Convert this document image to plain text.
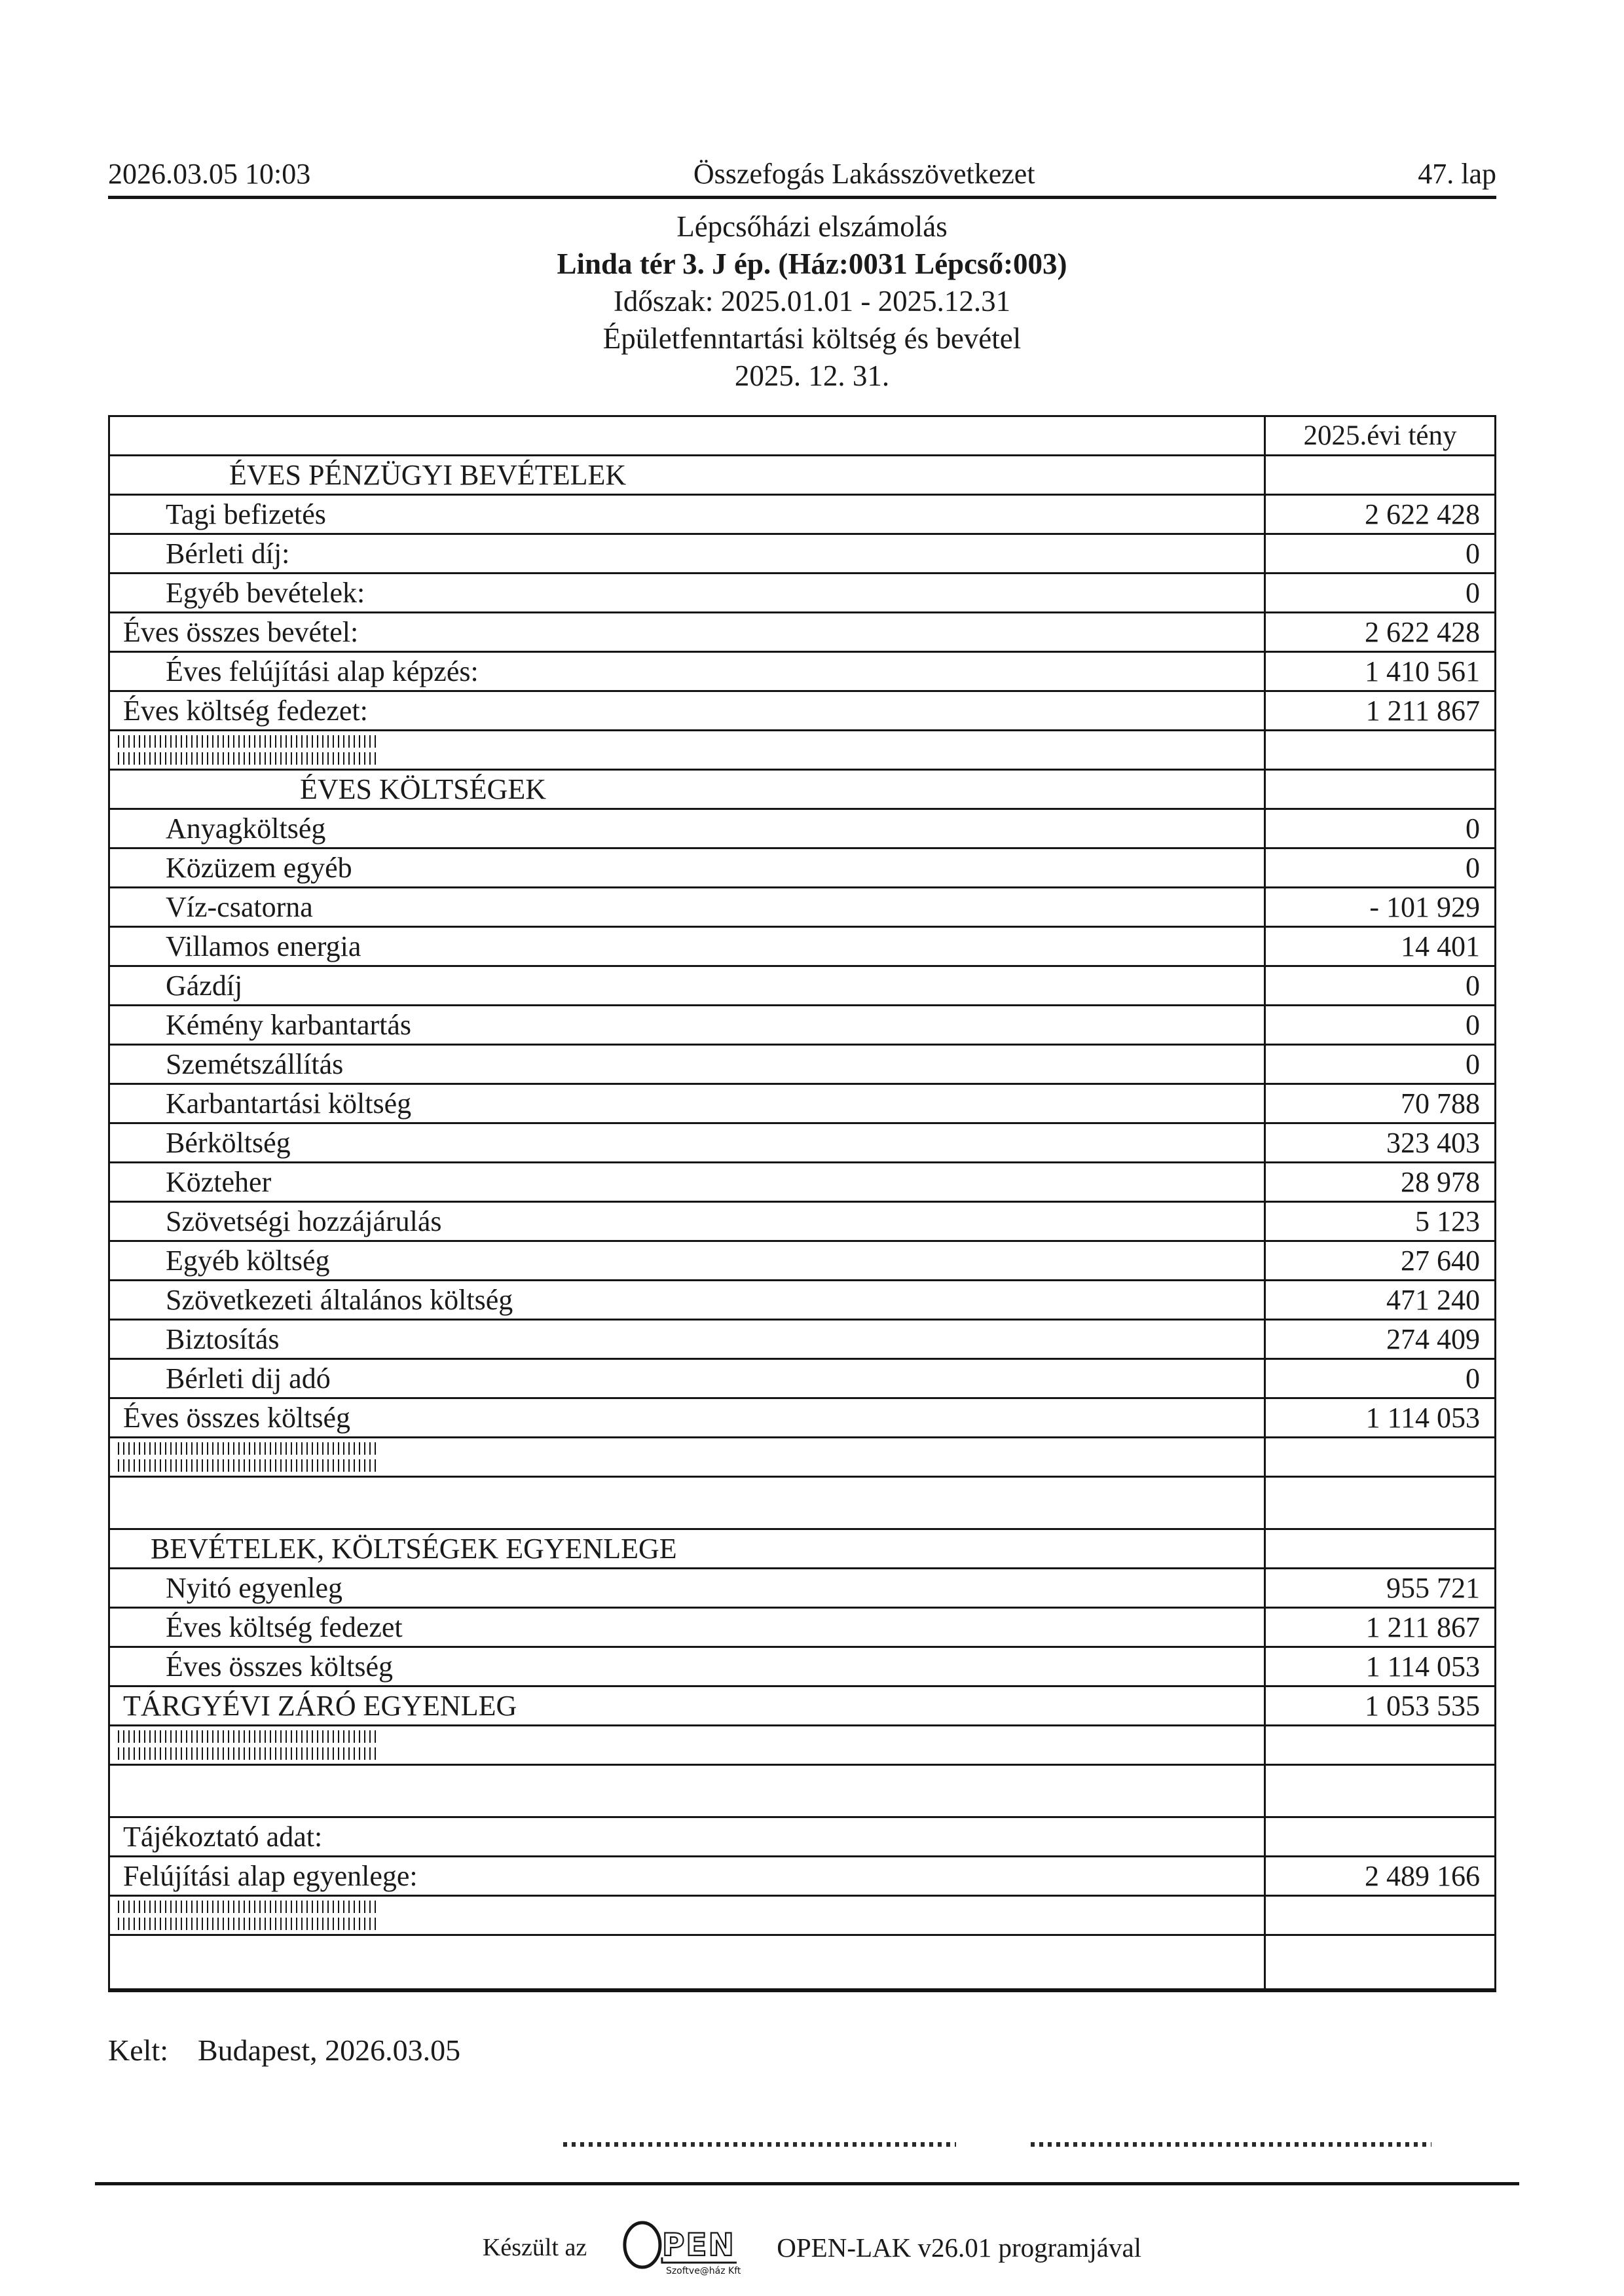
2026.03.05 10:03	Összefogás Lakásszövetkezet	47. lap
Lépcsőházi elszámolás
Linda tér 3. J ép. (Ház:0031 Lépcső:003)
Időszak: 2025.01.01 - 2025.12.31
Épületfenntartási költség és bevétel
2025. 12. 31.
2025.évi tény
ÉVES PÉNZÜGYI BEVÉTELEK
Tagi befizetés	2 622 428
Bérleti díj:	0
Egyéb bevételek:	0
Éves összes bevétel:	2 622 428
Éves felújítási alap képzés:	1 410 561
Éves költség fedezet:	1 211 867
ÉVES KÖLTSÉGEK
Anyagköltség	0
Közüzem egyéb	0
Víz-csatorna	- 101 929
Villamos energia	14 401
Gázdíj	0
Kémény karbantartás	0
Szemétszállítás	0
Karbantartási költség	70 788
Bérköltség	323 403
Közteher	28 978
Szövetségi hozzájárulás	5 123
Egyéb költség	27 640
Szövetkezeti általános költség	471 240
Biztosítás	274 409
Bérleti dij adó	0
Éves összes költség	1 114 053
BEVÉTELEK, KÖLTSÉGEK EGYENLEGE
Nyitó egyenleg	955 721
Éves költség fedezet	1 211 867
Éves összes költség	1 114 053
TÁRGYÉVI ZÁRÓ EGYENLEG	1 053 535
Tájékoztató adat:
Felújítási alap egyenlege:	2 489 166
Kelt: Budapest, 2026.03.05
Készült az PEN
Szoftve@ház Kft
OPEN-LAK v26.01 programjával
